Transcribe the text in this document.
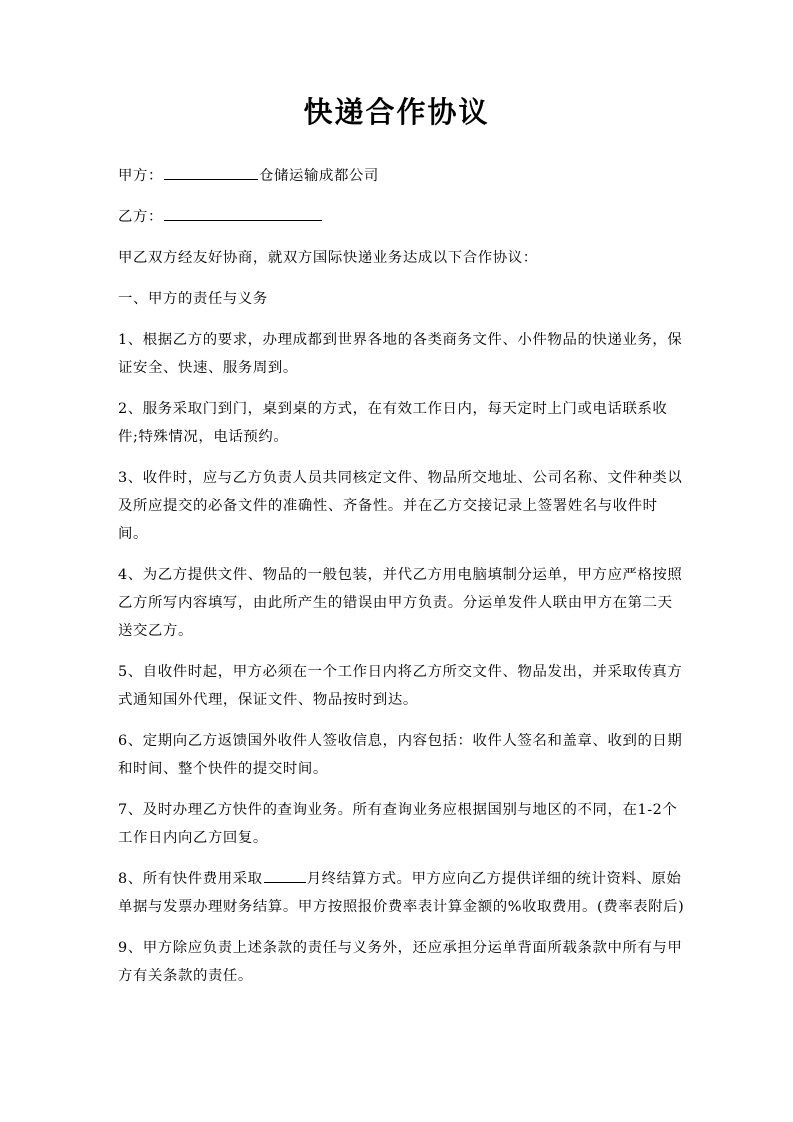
快递合作协议
甲方：	仓储运输成都公司
乙方：
甲乙双方经友好协商，就双方国际快递业务达成以下合作协议：
一、甲方的责任与义务
1、根据乙方的要求，办理成都到世界各地的各类商务文件、小件物品的快递业务，保
证安全、快速、服务周到。
2、服务采取门到门，桌到桌的方式，在有效工作日内，每天定时上门或电话联系收
件;特殊情况，电话预约。
3、收件时，应与乙方负责人员共同核定文件、物品所交地址、公司名称、文件种类以
及所应提交的必备文件的准确性、齐备性。并在乙方交接记录上签署姓名与收件时
间。
4、为乙方提供文件、物品的一般包装，并代乙方用电脑填制分运单，甲方应严格按照
乙方所写内容填写，由此所产生的错误由甲方负责。分运单发件人联由甲方在第二天
送交乙方。
5、自收件时起，甲方必须在一个工作日内将乙方所交文件、物品发出，并采取传真方
式通知国外代理，保证文件、物品按时到达。
6、定期向乙方返馈国外收件人签收信息，内容包括：收件人签名和盖章、收到的日期
和时间、整个快件的提交时间。
7、及时办理乙方快件的查询业务。所有查询业务应根据国别与地区的不同，在1-2个
工作日内向乙方回复。
8、所有快件费用采取	月终结算方式。甲方应向乙方提供详细的统计资料、原始
单据与发票办理财务结算。甲方按照报价费率表计算金额的%收取费用。(费率表附后)
9、甲方除应负责上述条款的责任与义务外，还应承担分运单背面所载条款中所有与甲
方有关条款的责任。
